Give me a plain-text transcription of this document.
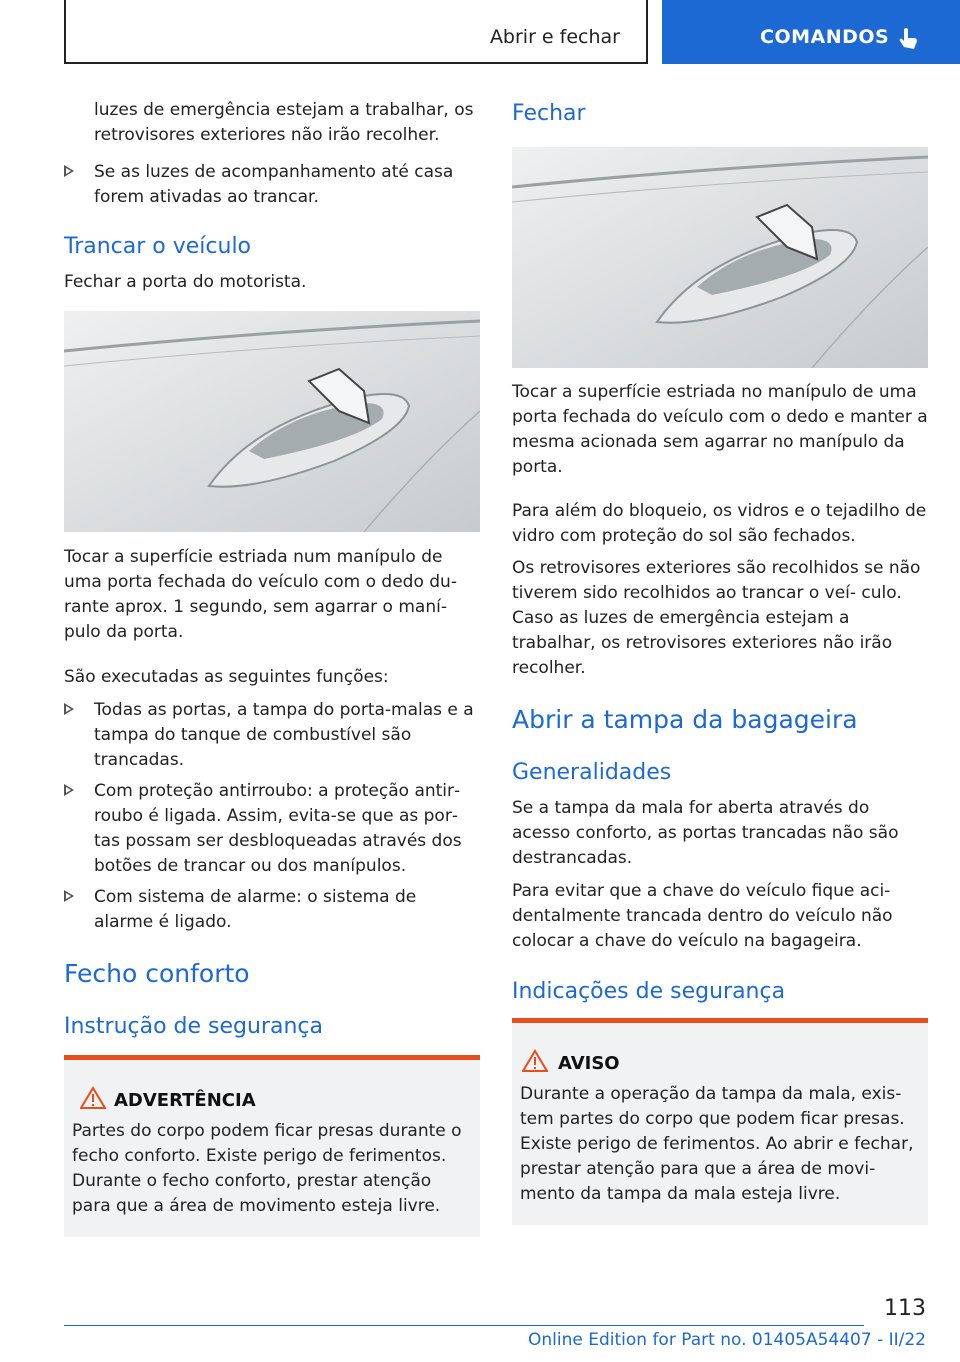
Abrir e fechar	COMANDOS

luzes de emergência estejam a trabalhar, os retrovisores exteriores não irão recolher.

Se as luzes de acompanhamento até casa forem ativadas ao trancar.

Trancar o veículo

Fechar a porta do motorista.

Tocar a superfície estriada num manípulo de uma porta fechada do veículo com o dedo du‐ rante aprox. 1 segundo, sem agarrar o maní‐ pulo da porta.

São executadas as seguintes funções:

Todas as portas, a tampa do porta-malas e a tampa do tanque de combustível são trancadas.

Com proteção antirroubo: a proteção antir‐ roubo é ligada. Assim, evita-se que as por‐ tas possam ser desbloqueadas através dos botões de trancar ou dos manípulos.

Com sistema de alarme: o sistema de alarme é ligado.

Fecho conforto
Instrução de segurança
ADVERTÊNCIA

Partes do corpo podem ficar presas durante o fecho conforto. Existe perigo de ferimentos. Durante o fecho conforto, prestar atenção para que a área de movimento esteja livre.

Fechar

Tocar a superfície estriada no manípulo de uma porta fechada do veículo com o dedo e manter a mesma acionada sem agarrar no manípulo da porta.

Para além do bloqueio, os vidros e o tejadilho de vidro com proteção do sol são fechados.

Os retrovisores exteriores são recolhidos se não tiverem sido recolhidos ao trancar o veí‐ culo. Caso as luzes de emergência estejam a trabalhar, os retrovisores exteriores não irão recolher.

Abrir a tampa da bagageira
Generalidades

Se a tampa da mala for aberta através do acesso conforto, as portas trancadas não são destrancadas.

Para evitar que a chave do veículo fique aci‐ dentalmente trancada dentro do veículo não colocar a chave do veículo na bagageira.

Indicações de segurança
AVISO

Durante a operação da tampa da mala, exis‐ tem partes do corpo que podem ficar presas. Existe perigo de ferimentos. Ao abrir e fechar, prestar atenção para que a área de movi‐ mento da tampa da mala esteja livre.

113
Online Edition for Part no. 01405A54407 - II/22
